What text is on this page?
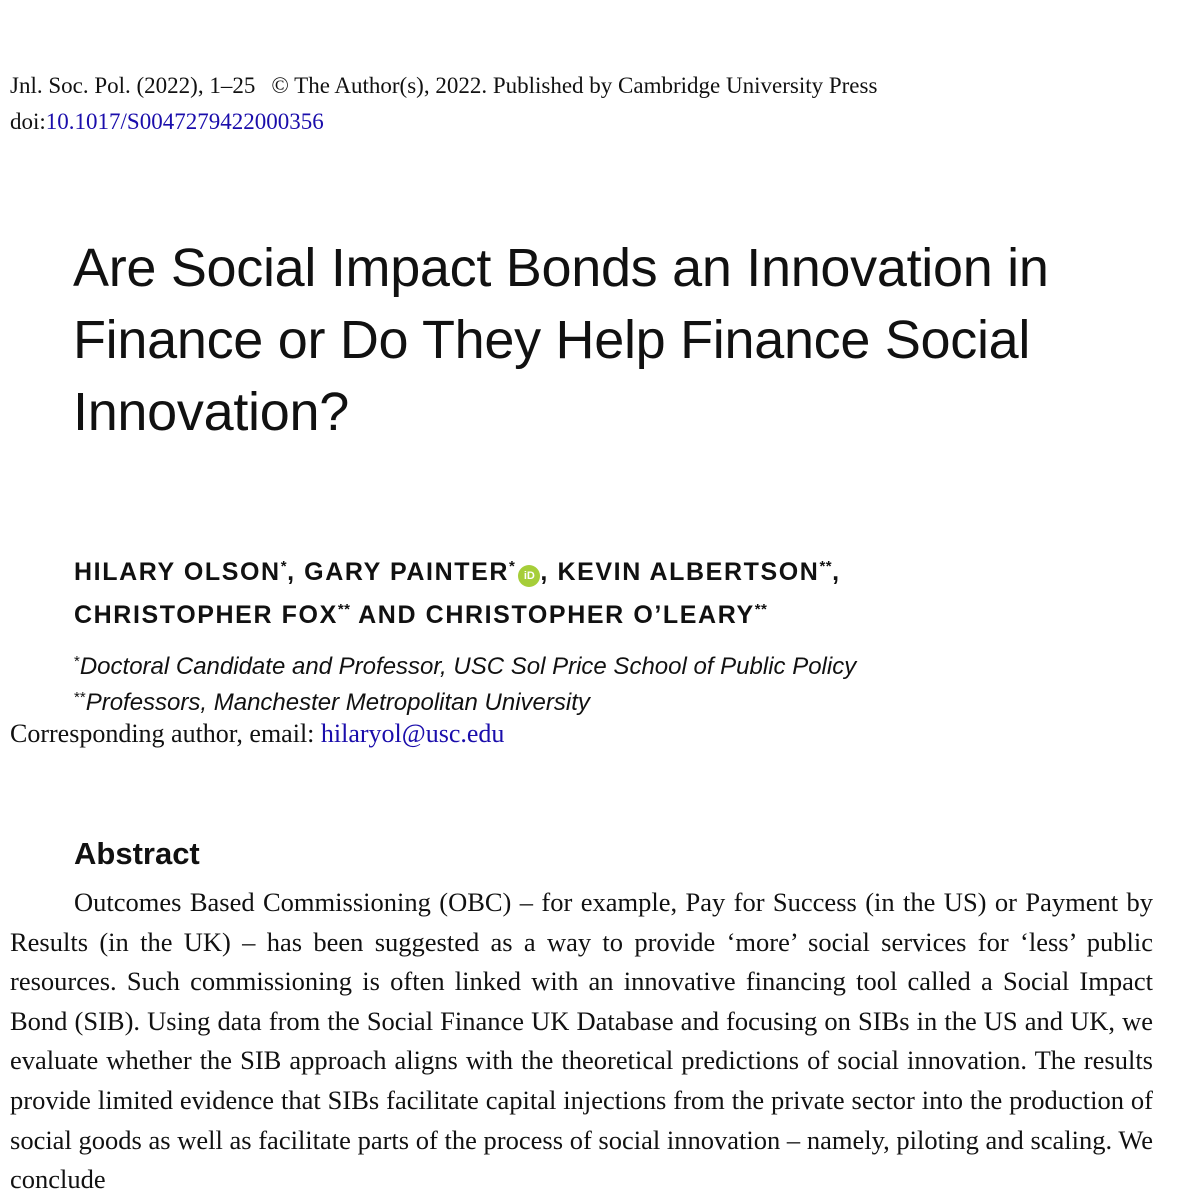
Jnl. Soc. Pol. (2022), 1–25 © The Author(s), 2022. Published by Cambridge University Press
doi:10.1017/S0047279422000356
Are Social Impact Bonds an Innovation in Finance or Do They Help Finance Social Innovation?
HILARY OLSON*, GARY PAINTER*iD , KEVIN ALBERTSON**,
CHRISTOPHER FOX** AND CHRISTOPHER O’LEARY**
*Doctoral Candidate and Professor, USC Sol Price School of Public Policy
**Professors, Manchester Metropolitan University
Corresponding author, email: hilaryol@usc.edu
Abstract

Outcomes Based Commissioning (OBC) – for example, Pay for Success (in the US) or Payment by Results (in the UK) – has been suggested as a way to provide ‘more’ social services for ‘less’ public resources. Such commissioning is often linked with an innovative financing tool called a Social Impact Bond (SIB). Using data from the Social Finance UK Database and focusing on SIBs in the US and UK, we evaluate whether the SIB approach aligns with the theoretical predictions of social innovation. The results provide limited evidence that SIBs facilitate capital injections from the private sector into the production of social goods as well as facilitate parts of the process of social innovation – namely, piloting and scaling. We conclude
